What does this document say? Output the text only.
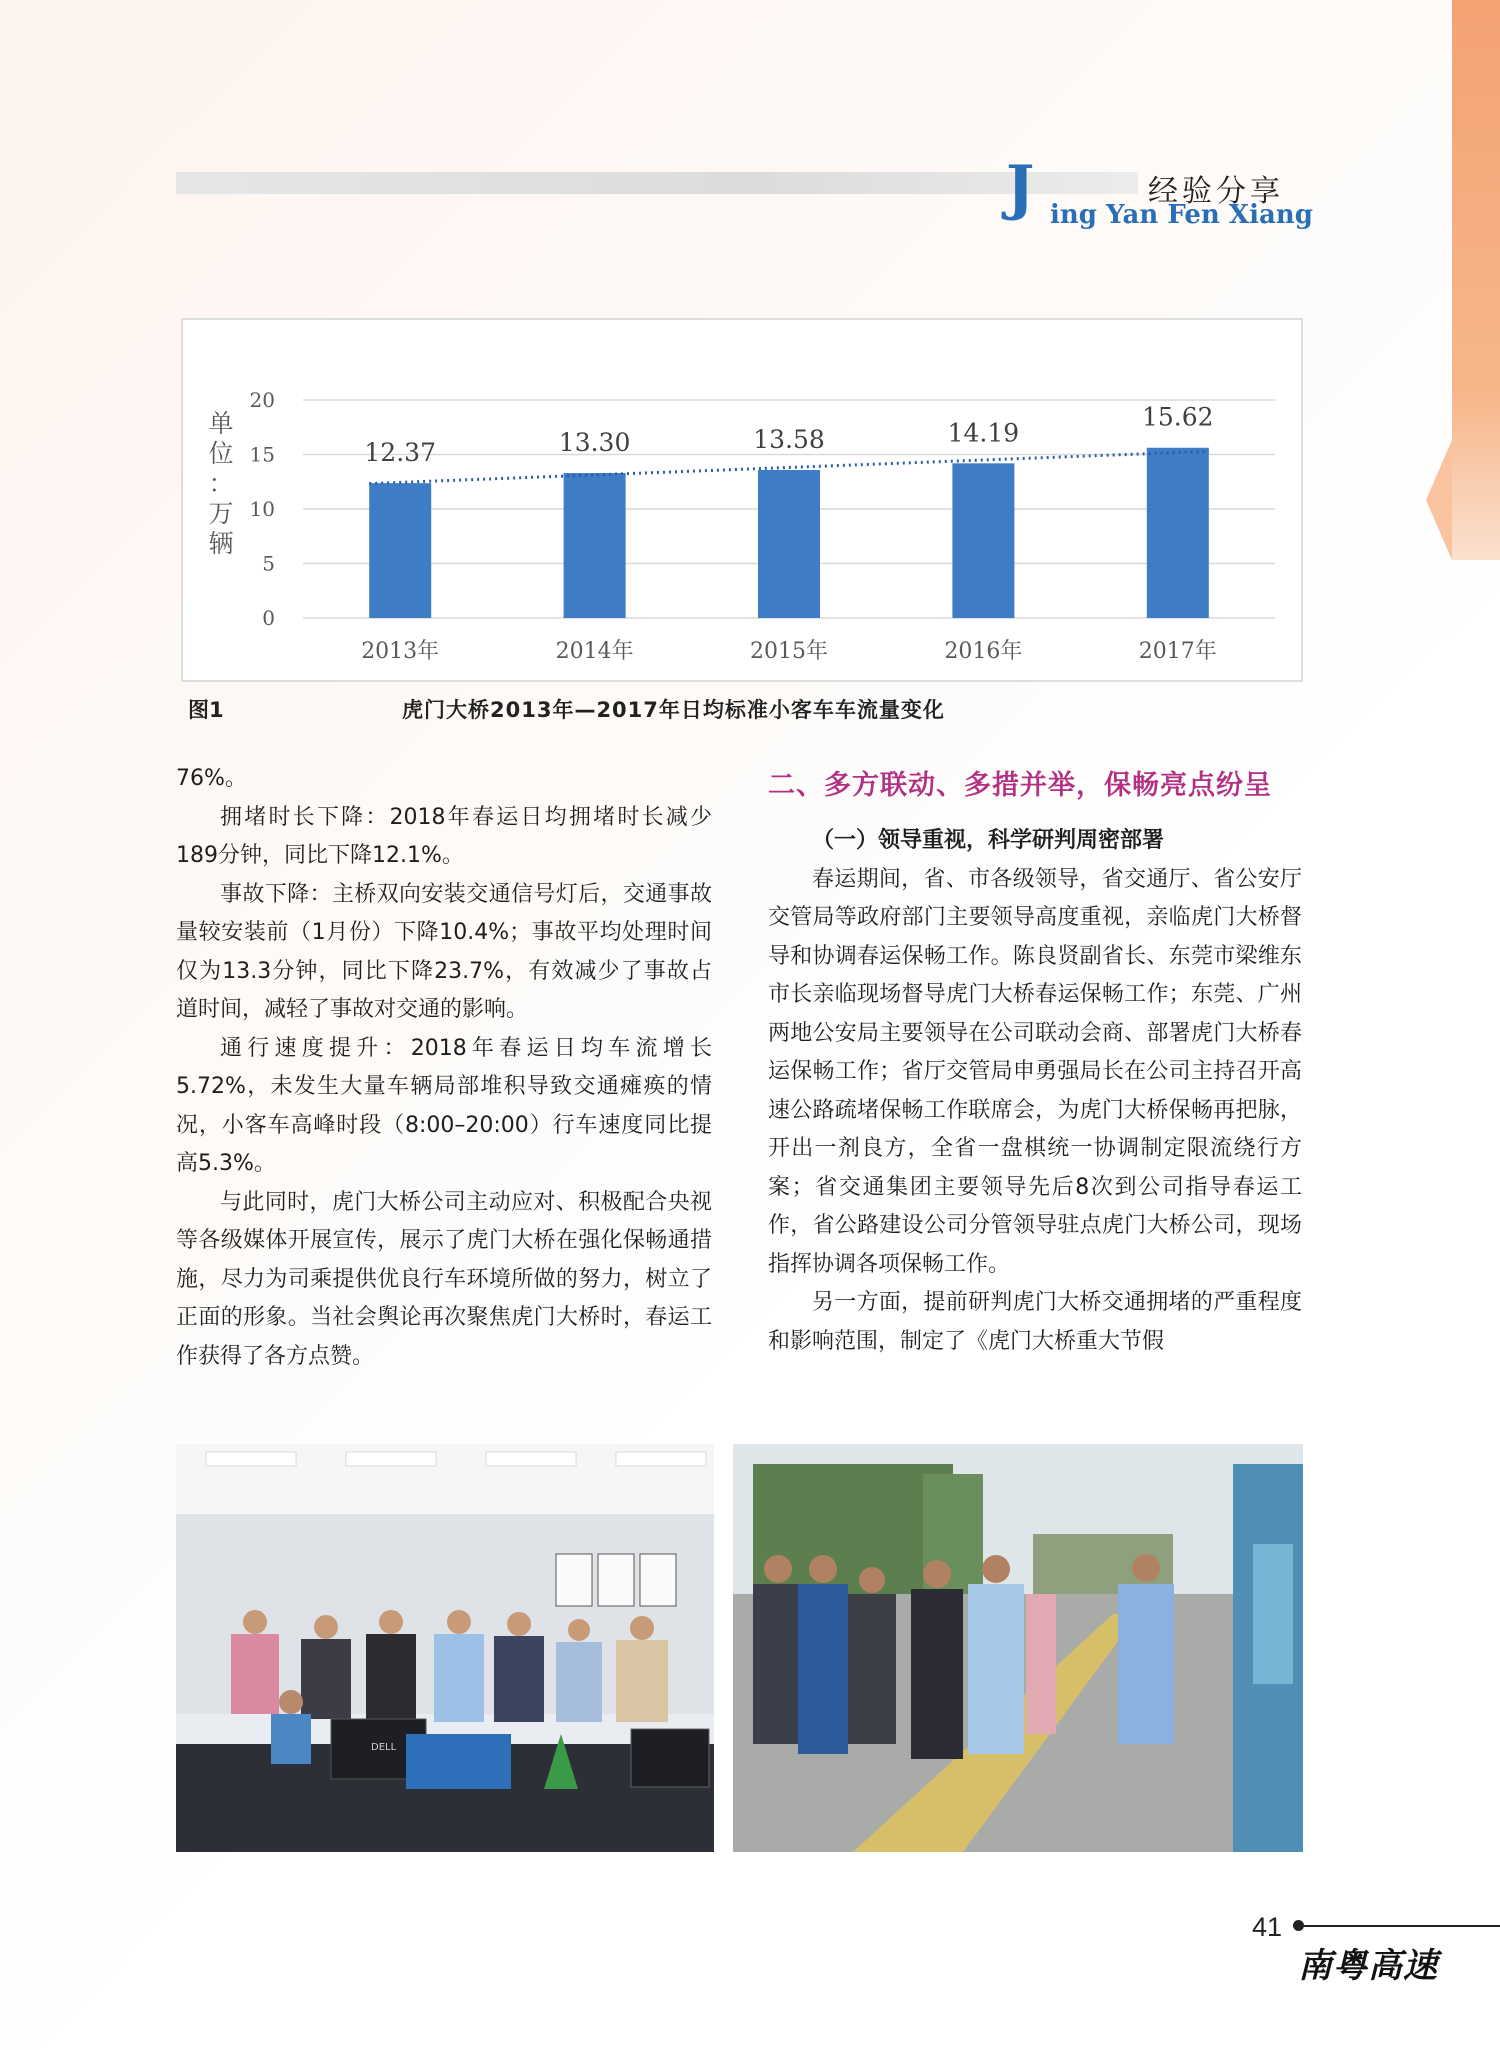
J	经验分享
ing Yan Fen Xiang
0
5
10
15
20
单
位
：
万
辆
12.37
2013年
13.30
2014年
13.58
2015年
14.19
2016年
15.62
2017年
图1	虎门大桥2013年—2017年日均标准小客车车流量变化

76%。

拥堵时长下降：2018年春运日均拥堵时长减少189分钟，同比下降12.1%。

事故下降：主桥双向安装交通信号灯后，交通事故量较安装前（1月份）下降10.4%；事故平均处理时间仅为13.3分钟，同比下降23.7%，有效减少了事故占道时间，减轻了事故对交通的影响。

通行速度提升：2018年春运日均车流增长5.72%，未发生大量车辆局部堆积导致交通瘫痪的情况，小客车高峰时段（8:00–20:00）行车速度同比提高5.3%。

与此同时，虎门大桥公司主动应对、积极配合央视等各级媒体开展宣传，展示了虎门大桥在强化保畅通措施，尽力为司乘提供优良行车环境所做的努力，树立了正面的形象。当社会舆论再次聚焦虎门大桥时，春运工作获得了各方点赞。

二、多方联动、多措并举，保畅亮点纷呈

（一）领导重视，科学研判周密部署

春运期间，省、市各级领导，省交通厅、省公安厅交管局等政府部门主要领导高度重视，亲临虎门大桥督导和协调春运保畅工作。陈良贤副省长、东莞市梁维东市长亲临现场督导虎门大桥春运保畅工作；东莞、广州两地公安局主要领导在公司联动会商、部署虎门大桥春运保畅工作；省厅交管局申勇强局长在公司主持召开高速公路疏堵保畅工作联席会，为虎门大桥保畅再把脉，开出一剂良方，全省一盘棋统一协调制定限流绕行方案；省交通集团主要领导先后8次到公司指导春运工作，省公路建设公司分管领导驻点虎门大桥公司，现场指挥协调各项保畅工作。

另一方面，提前研判虎门大桥交通拥堵的严重程度和影响范围，制定了《虎门大桥重大节假

DELL
41
南粤高速
